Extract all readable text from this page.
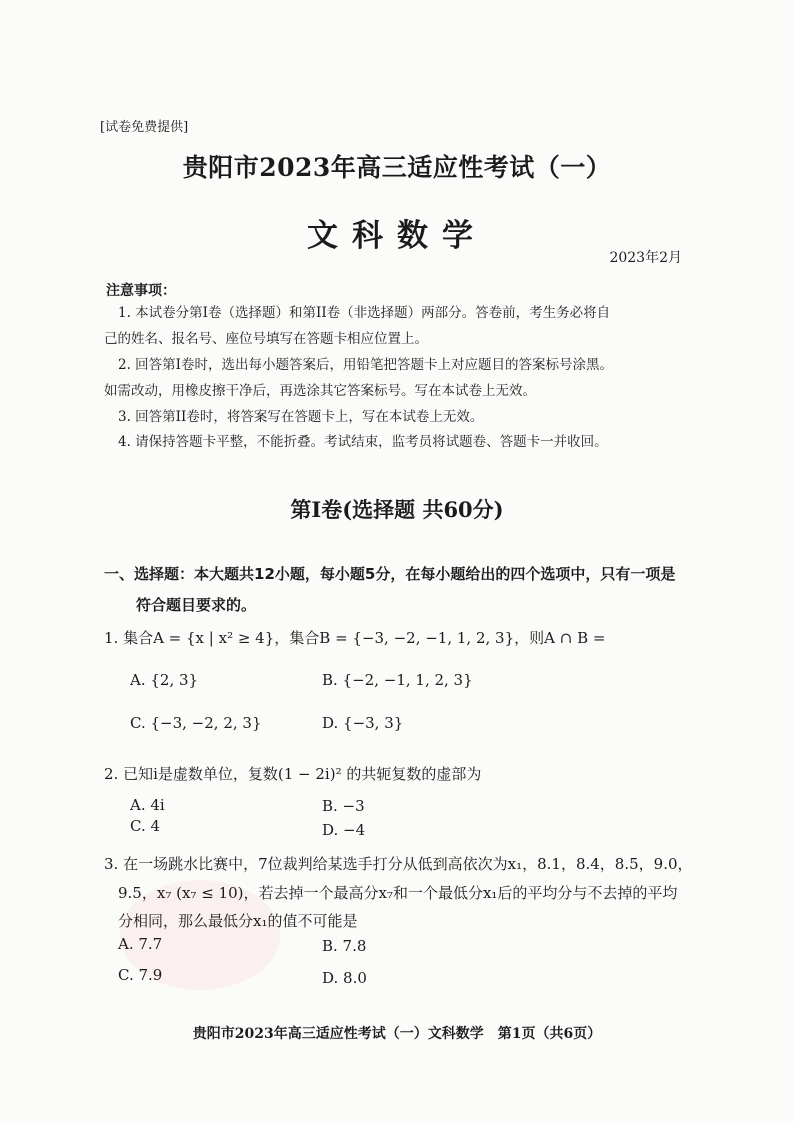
[试卷免费提供]
贵阳市2023年高三适应性考试（一）
文科数学
2023年2月
注意事项：
1. 本试卷分第I卷（选择题）和第II卷（非选择题）两部分。答卷前，考生务必将自
己的姓名、报名号、座位号填写在答题卡相应位置上。
2. 回答第I卷时，选出每小题答案后，用铅笔把答题卡上对应题目的答案标号涂黑。
如需改动，用橡皮擦干净后，再选涂其它答案标号。写在本试卷上无效。
3. 回答第II卷时，将答案写在答题卡上，写在本试卷上无效。
4. 请保持答题卡平整，不能折叠。考试结束，监考员将试题卷、答题卡一并收回。
第I卷(选择题 共60分)
一、选择题：本大题共12小题，每小题5分，在每小题给出的四个选项中，只有一项是
符合题目要求的。
1. 集合A = {x | x² ≥ 4}，集合B = {−3, −2, −1, 1, 2, 3}，则A ∩ B =
A. {2, 3}	B. {−2, −1, 1, 2, 3}
C. {−3, −2, 2, 3}	D. {−3, 3}
2. 已知i是虚数单位，复数(1 − 2i)² 的共轭复数的虚部为
A. 4i	B. −3
C. 4	D. −4
3. 在一场跳水比赛中，7位裁判给某选手打分从低到高依次为x₁，8.1，8.4，8.5，9.0，
9.5，x₇ (x₇ ≤ 10)，若去掉一个最高分x₇和一个最低分x₁后的平均分与不去掉的平均
分相同，那么最低分x₁的值不可能是
A. 7.7	B. 7.8
C. 7.9	D. 8.0
贵阳市2023年高三适应性考试（一）文科数学　第1页（共6页）
